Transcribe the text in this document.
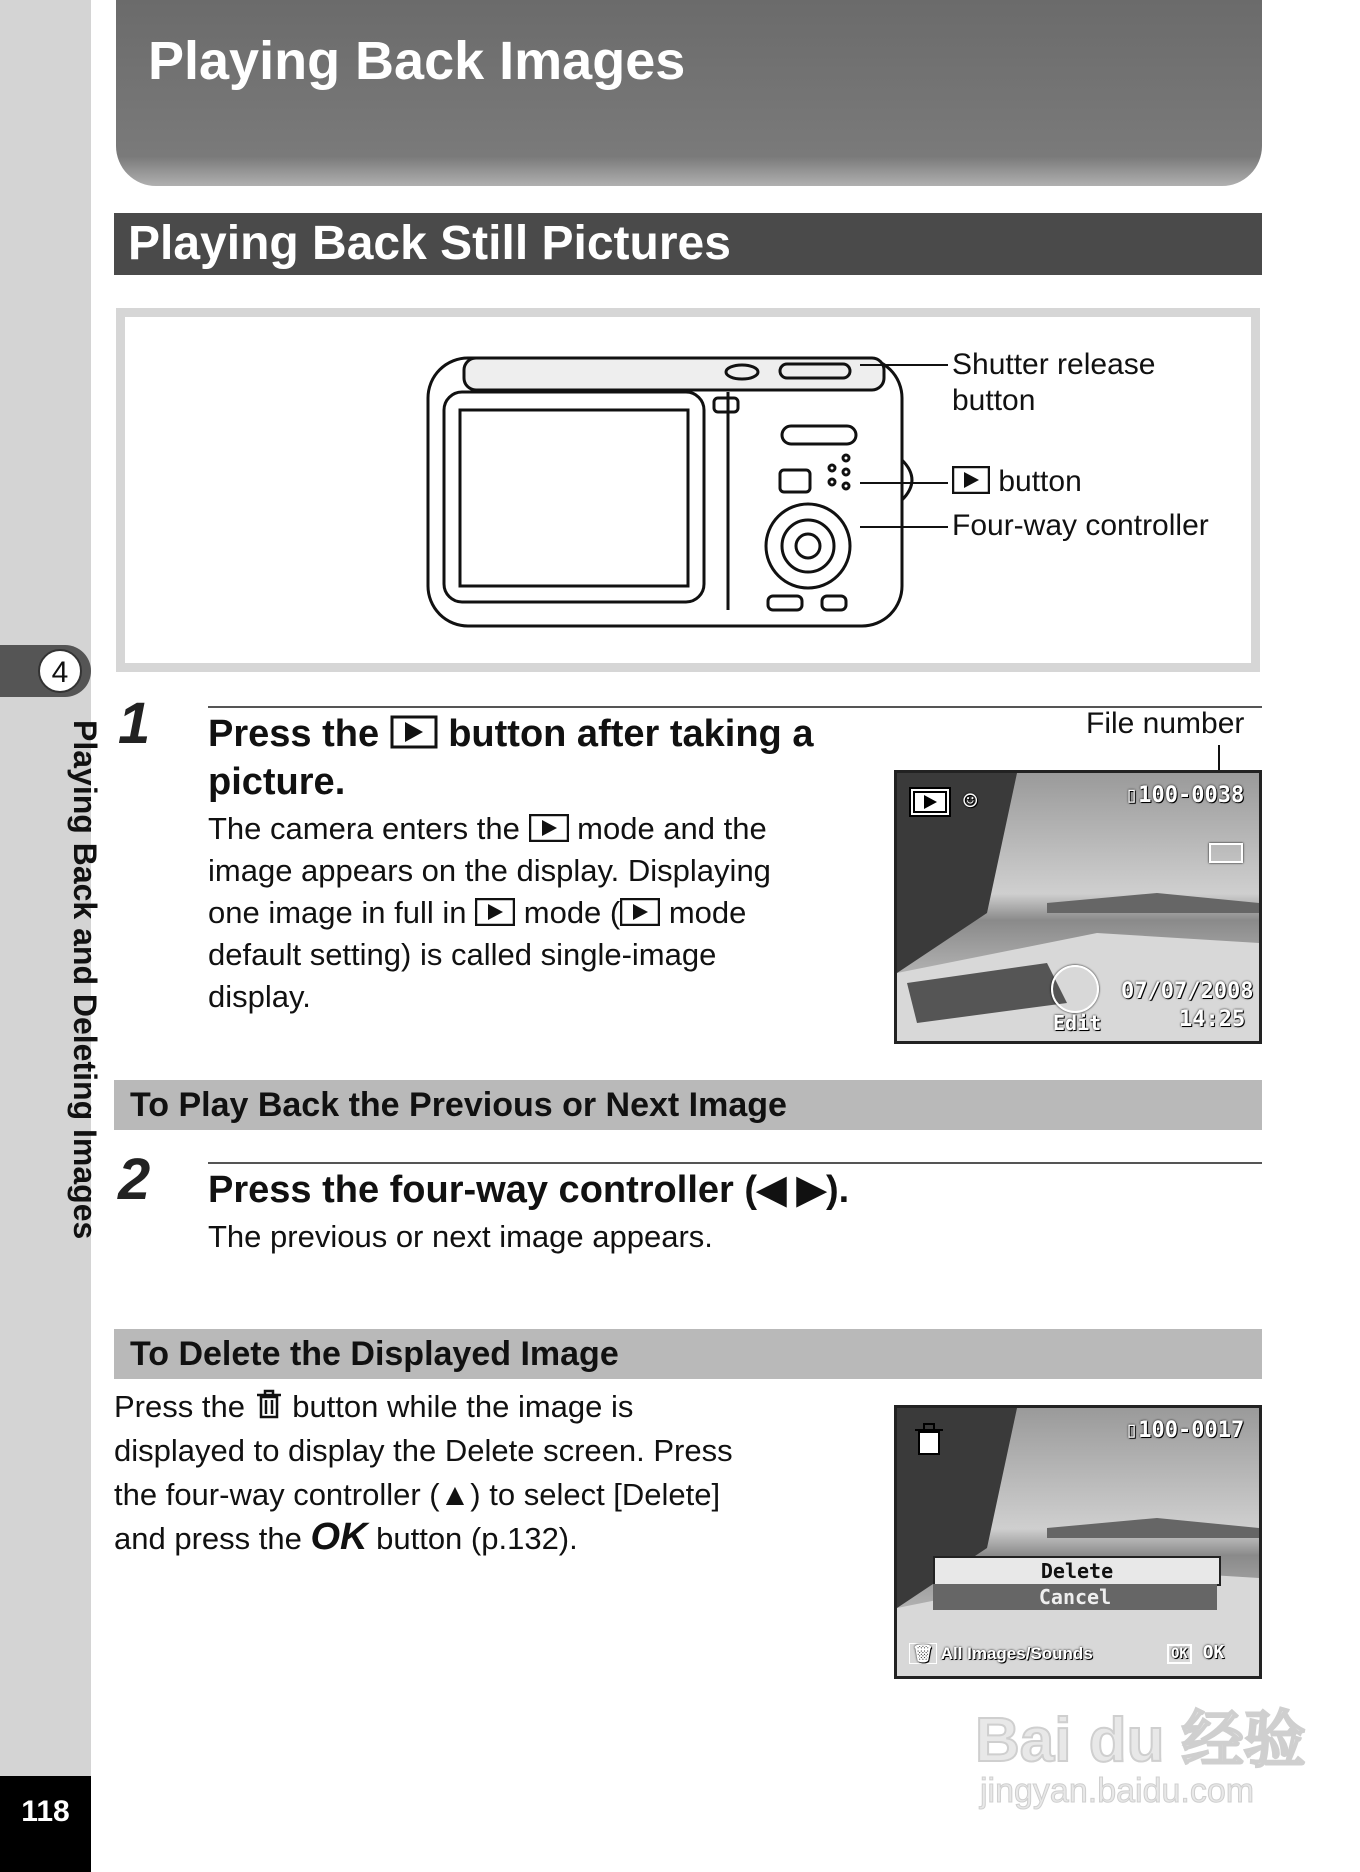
4
Playing Back and Deleting Images
118
Playing Back Images
Playing Back Still Pictures
Shutter release
button
button
Four-way controller
1 Press the button after taking a
picture.
The camera enters the mode and the
image appears on the display. Displaying
one image in full in mode ( mode
default setting) is called single-image
display.
File number
☺	▯100-0038
Edit
07/07/2008
14:25
To Play Back the Previous or Next Image
2 Press the four-way controller (◀ ▶).
The previous or next image appears.
To Delete the Displayed Image
Press the button while the image is
displayed to display the Delete screen. Press
the four-way controller (▲) to select [Delete]
and press the OK button (p.132).
▯100-0017
Delete
Cancel
🗑 All Images/Sounds	OK OK
Bai du 经验
jingyan.baidu.com
